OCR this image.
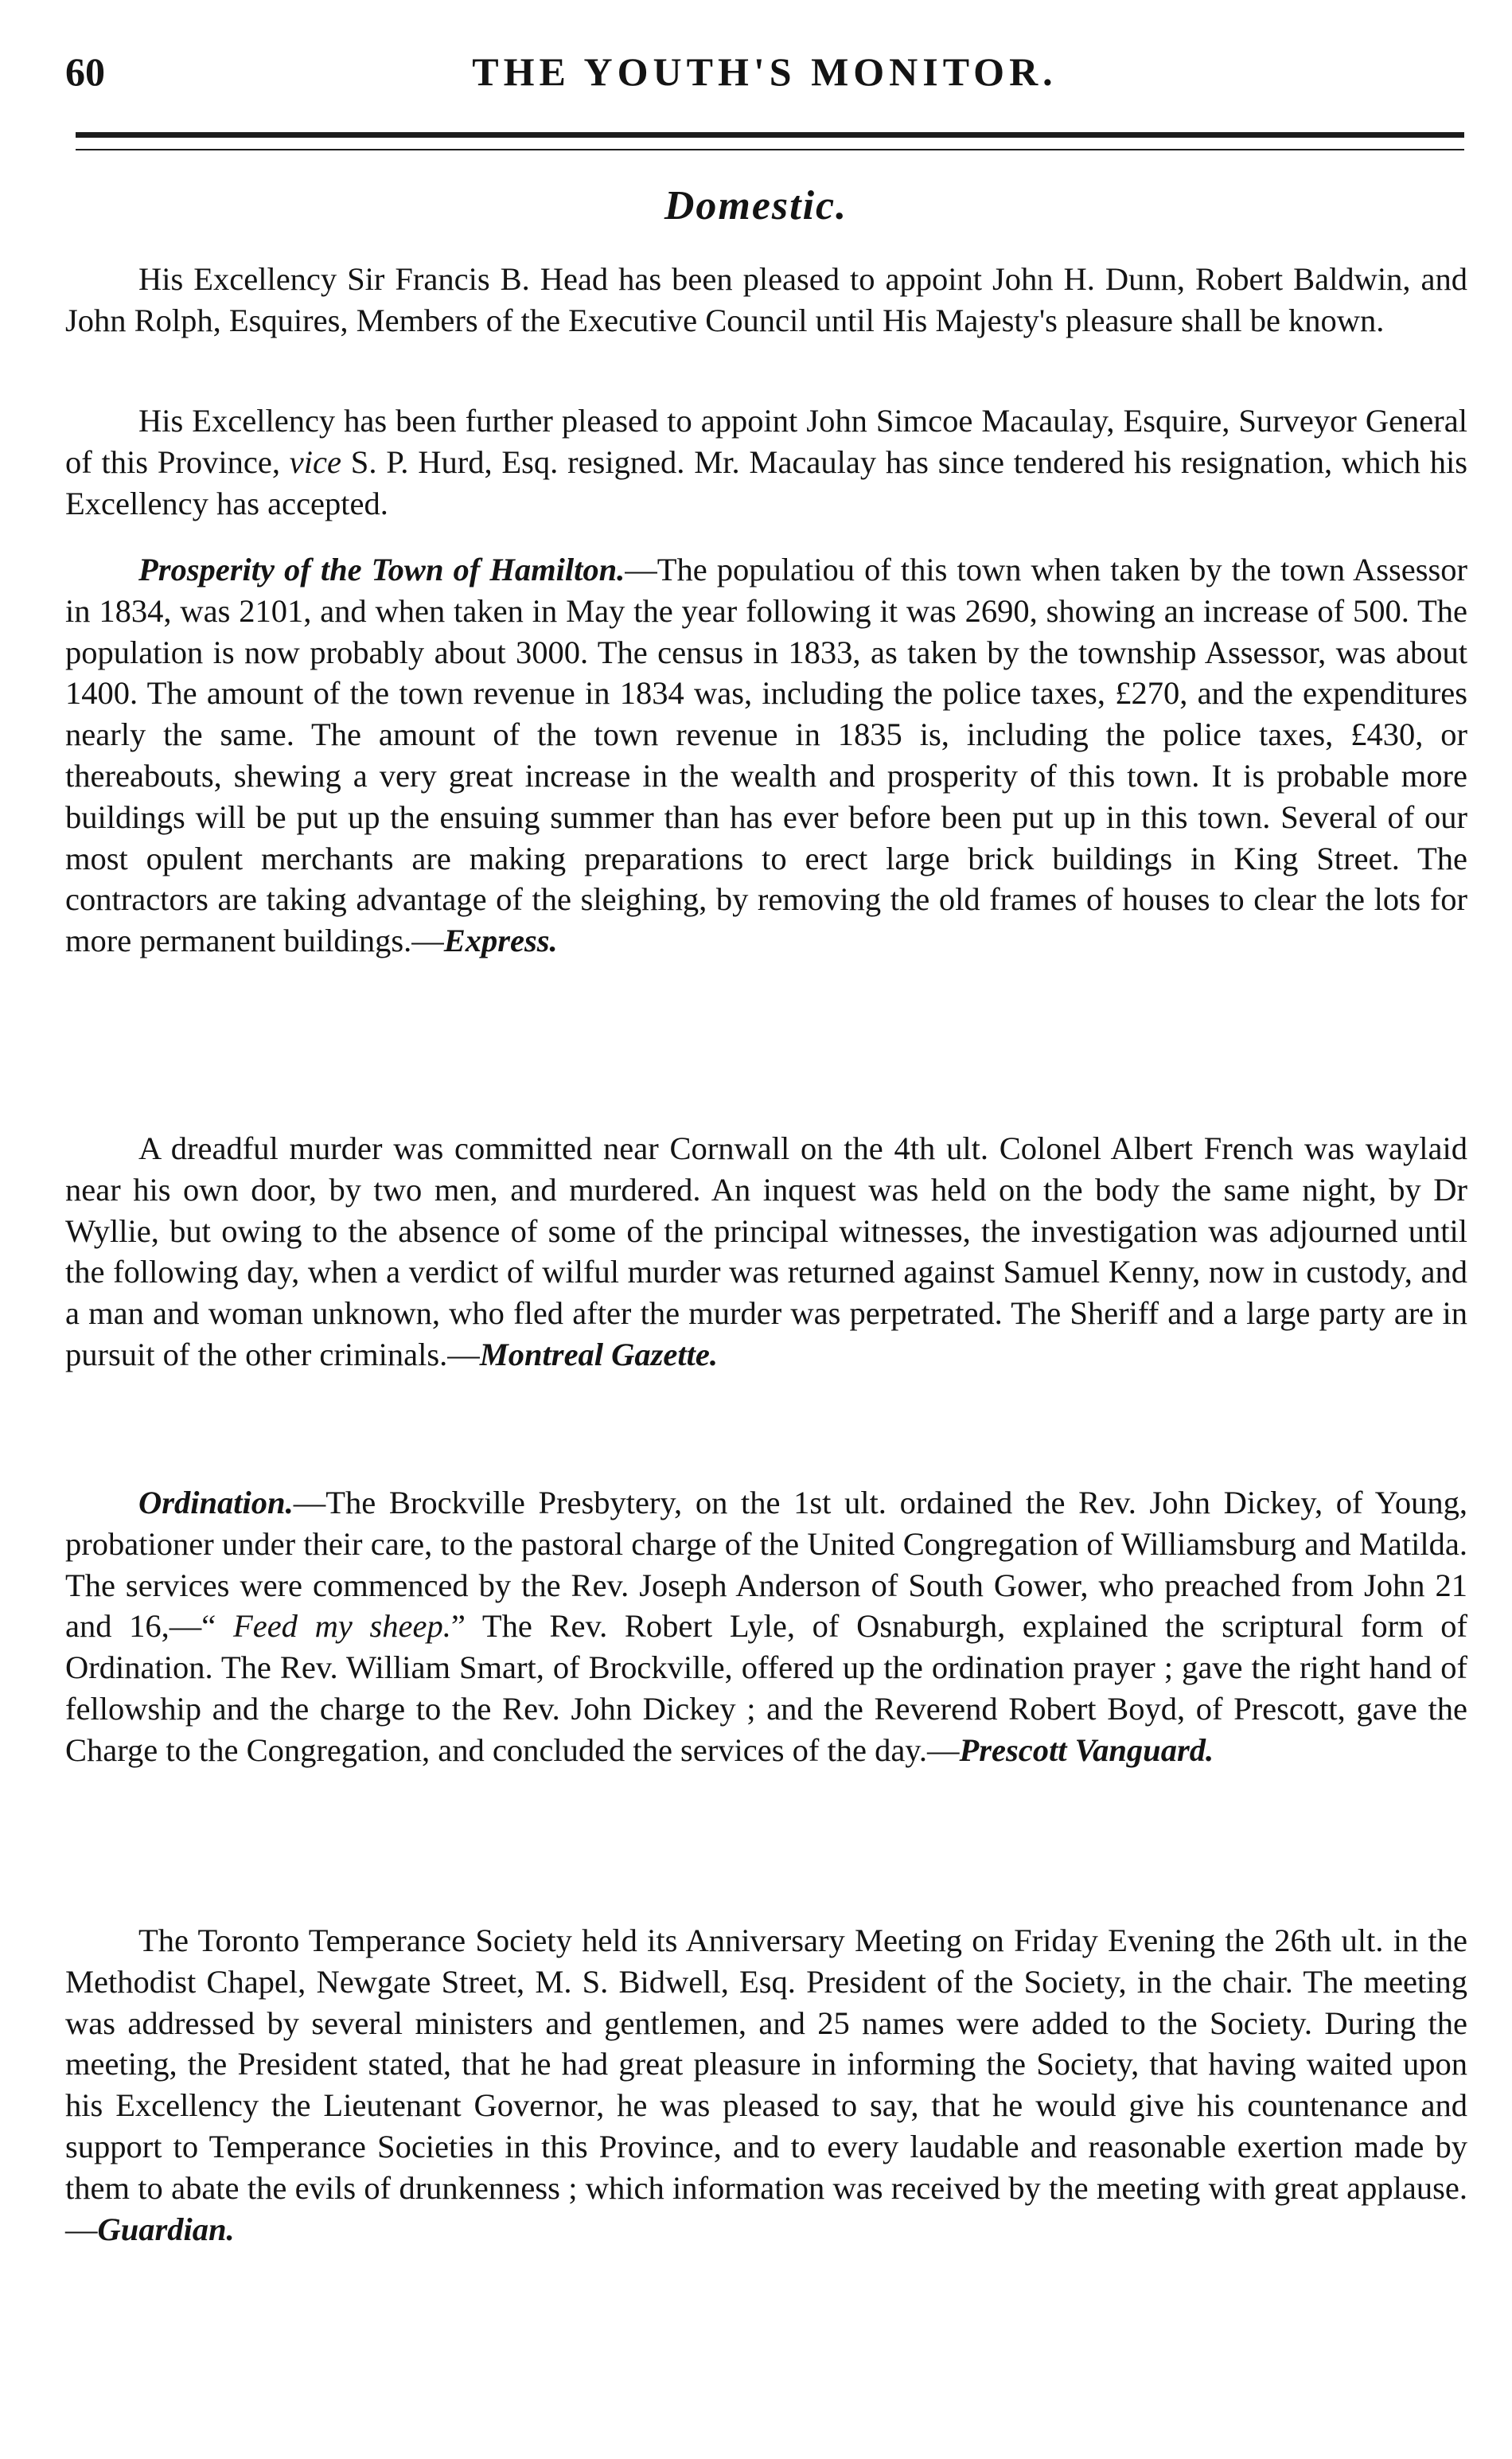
60	THE YOUTH'S MONITOR.
Domestic.

His Excellency Sir Francis B. Head has been pleased to appoint John H. Dunn, Robert Baldwin, and John Rolph, Esquires, Members of the Executive Council until His Majesty's pleasure shall be known.

His Excellency has been further pleased to appoint John Simcoe Macaulay, Esquire, Surveyor General of this Province, vice S. P. Hurd, Esq. resigned. Mr. Macaulay has since tendered his resignation, which his Excellency has accepted.

Prosperity of the Town of Hamilton.—The populatiou of this town when taken by the town Assessor in 1834, was 2101, and when taken in May the year following it was 2690, showing an increase of 500. The population is now probably about 3000. The census in 1833, as taken by the township Assessor, was about 1400. The amount of the town revenue in 1834 was, including the police taxes, £270, and the expenditures nearly the same. The amount of the town revenue in 1835 is, including the police taxes, £430, or thereabouts, shewing a very great increase in the wealth and prosperity of this town. It is probable more buildings will be put up the ensuing summer than has ever before been put up in this town. Several of our most opulent merchants are making preparations to erect large brick buildings in King Street. The contractors are taking advantage of the sleighing, by removing the old frames of houses to clear the lots for more permanent buildings.—Express.

A dreadful murder was committed near Cornwall on the 4th ult. Colonel Albert French was waylaid near his own door, by two men, and murdered. An inquest was held on the body the same night, by Dr Wyllie, but owing to the absence of some of the principal witnesses, the investigation was adjourned until the following day, when a verdict of wilful murder was returned against Samuel Kenny, now in custody, and a man and woman unknown, who fled after the murder was perpetrated. The Sheriff and a large party are in pursuit of the other criminals.—Montreal Gazette.

Ordination.—The Brockville Presbytery, on the 1st ult. ordained the Rev. John Dickey, of Young, probationer under their care, to the pastoral charge of the United Congregation of Williamsburg and Matilda. The services were commenced by the Rev. Joseph Anderson of South Gower, who preached from John 21 and 16,—“ Feed my sheep.” The Rev. Robert Lyle, of Osnaburgh, explained the scriptural form of Ordination. The Rev. William Smart, of Brockville, offered up the ordination prayer ; gave the right hand of fellowship and the charge to the Rev. John Dickey ; and the Reverend Robert Boyd, of Prescott, gave the Charge to the Congregation, and concluded the services of the day.—Prescott Vanguard.

The Toronto Temperance Society held its Anniversary Meeting on Friday Evening the 26th ult. in the Methodist Chapel, Newgate Street, M. S. Bidwell, Esq. President of the Society, in the chair. The meeting was addressed by several ministers and gentlemen, and 25 names were added to the Society. During the meeting, the President stated, that he had great pleasure in informing the Society, that having waited upon his Excellency the Lieutenant Governor, he was pleased to say, that he would give his countenance and support to Temperance Societies in this Province, and to every laudable and reasonable exertion made by them to abate the evils of drunkenness ; which information was received by the meeting with great applause.—Guardian.
